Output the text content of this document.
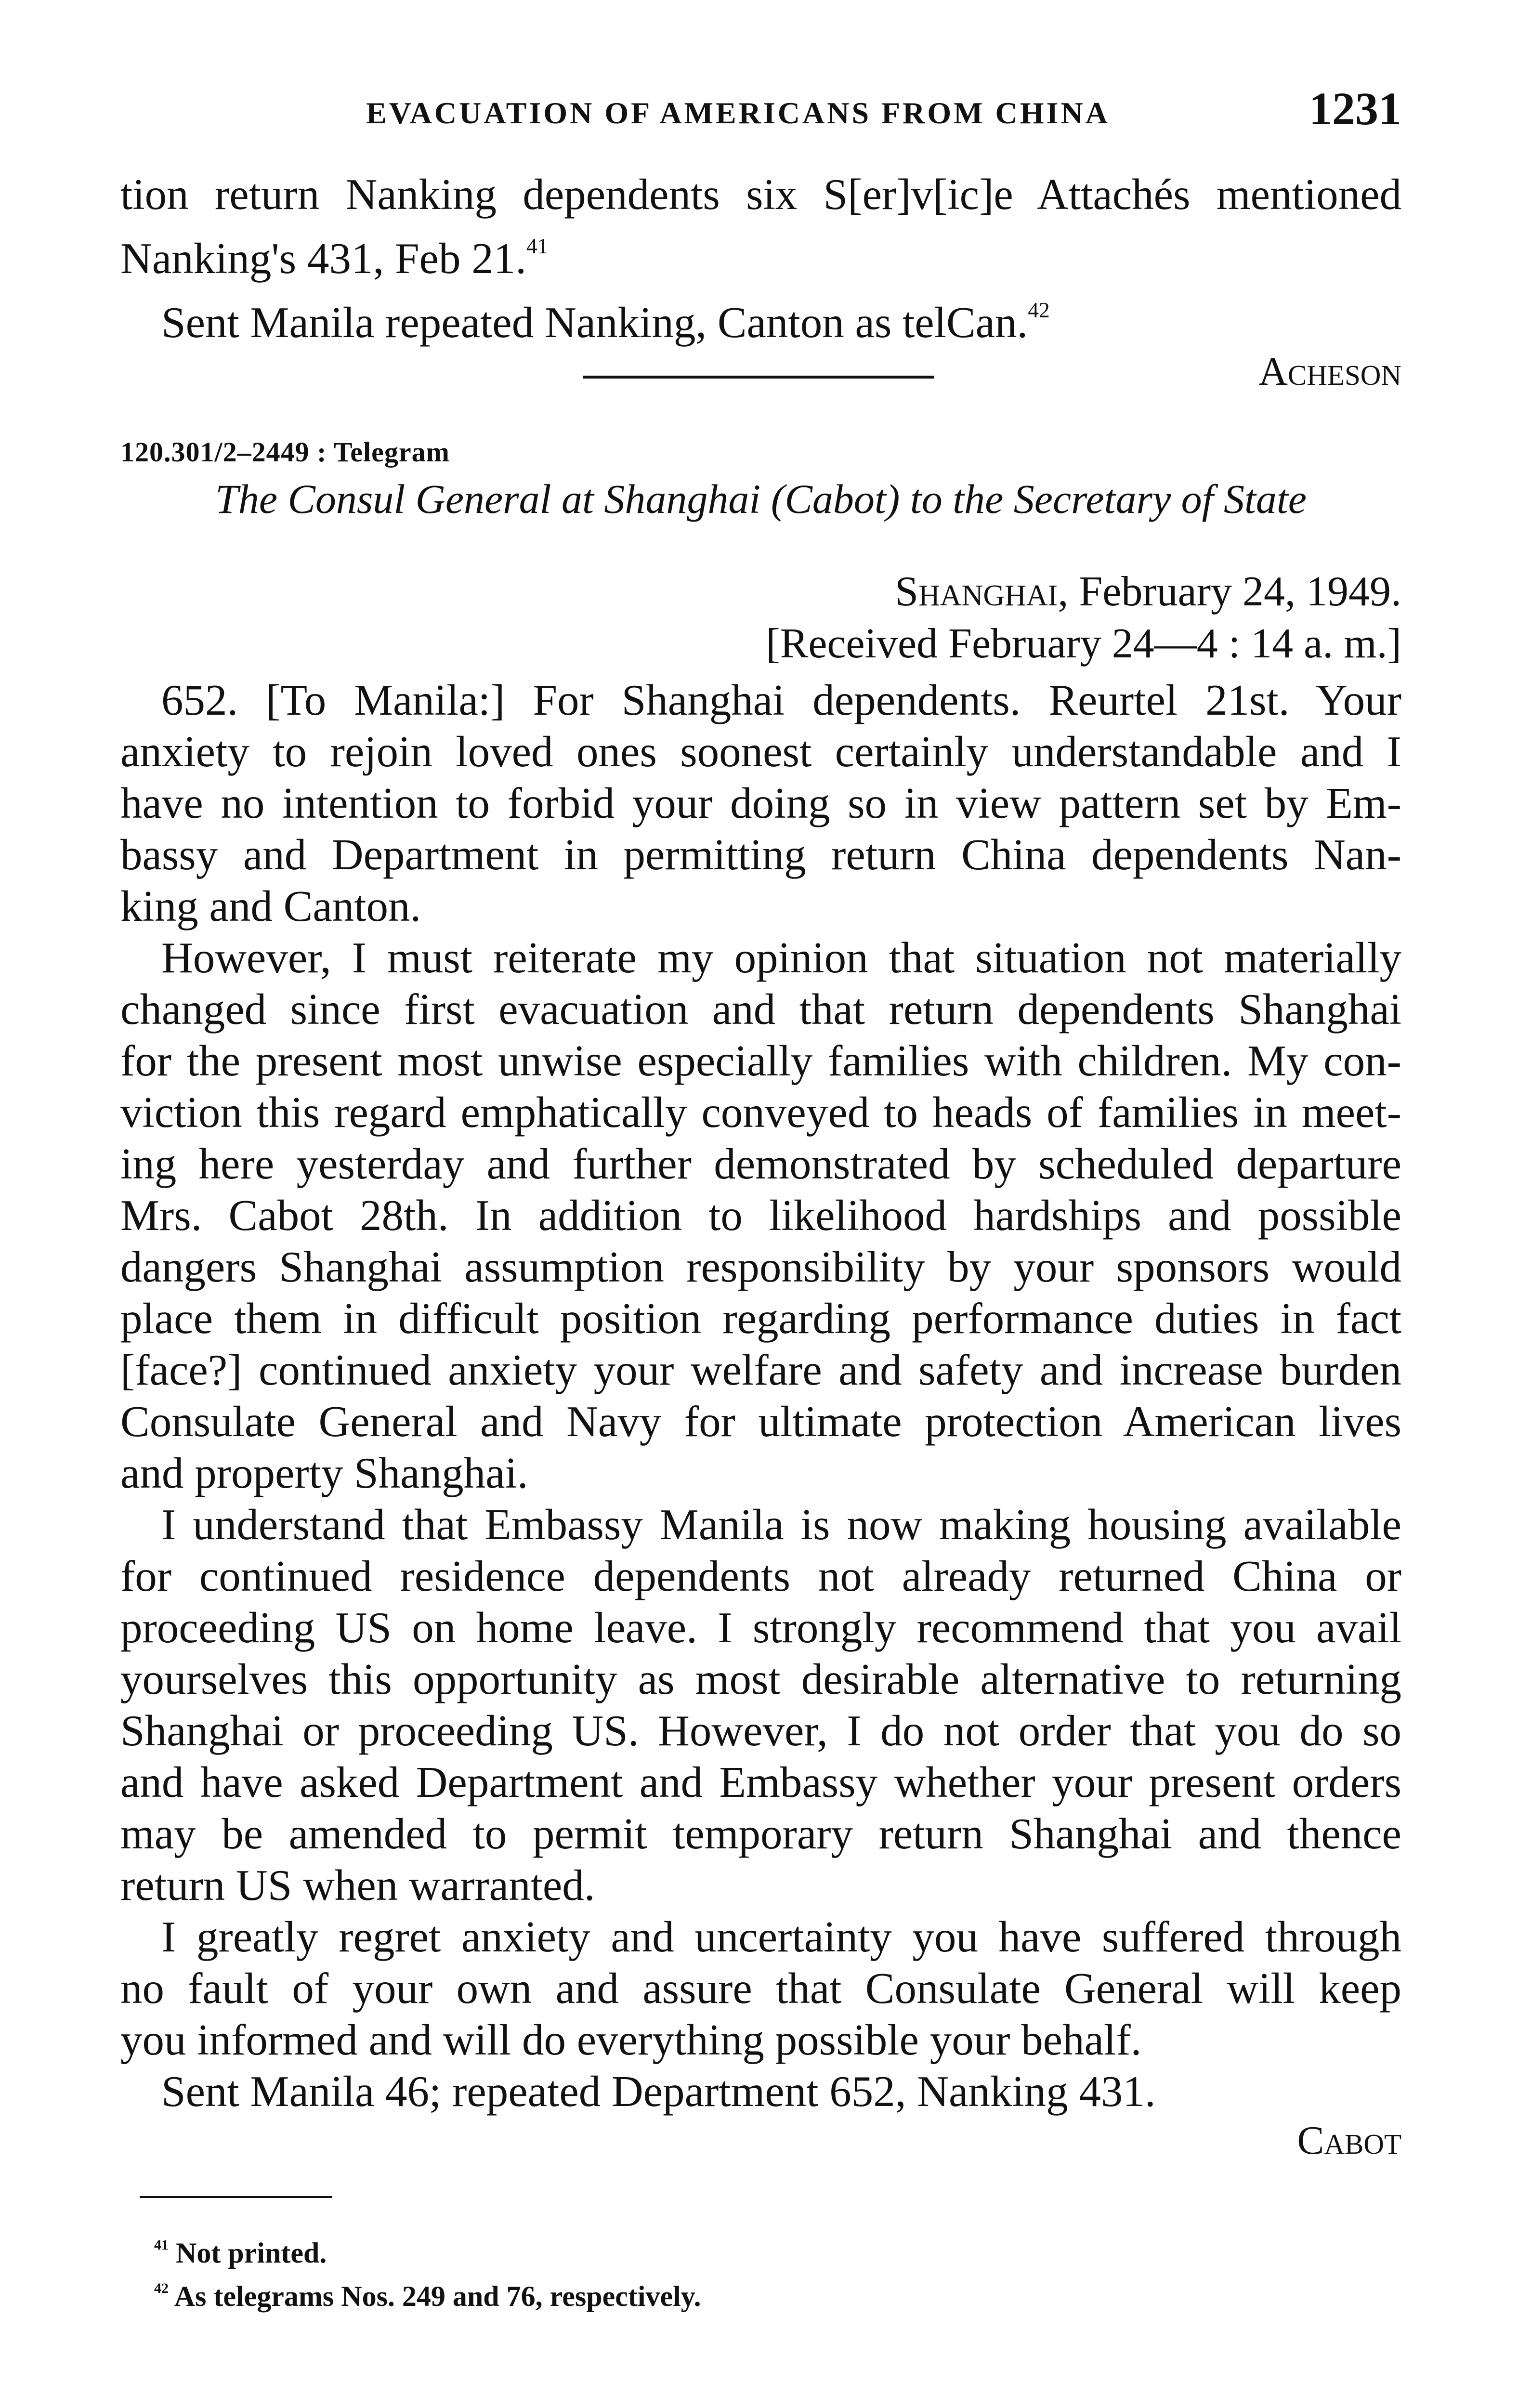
EVACUATION OF AMERICANS FROM CHINA	1231
tion return Nanking dependents six S[er]v[ic]e Attachés mentioned
Nanking's 431, Feb 21.41
Sent Manila repeated Nanking, Canton as telCan.$^{42}$
Acheson
120.301/2–2449 : Telegram
The Consul General at Shanghai (Cabot) to the Secretary of State
Shanghai, February 24, 1949.
[Received February 24—4 : 14 a. m.]
652. [To Manila:] For Shanghai dependents. Reurtel 21st. Your
anxiety to rejoin loved ones soonest certainly understandable and I
have no intention to forbid your doing so in view pattern set by Em-
bassy and Department in permitting return China dependents Nan-
king and Canton.
However, I must reiterate my opinion that situation not materially
changed since first evacuation and that return dependents Shanghai
for the present most unwise especially families with children. My con-
viction this regard emphatically conveyed to heads of families in meet-
ing here yesterday and further demonstrated by scheduled departure
Mrs. Cabot 28th. In addition to likelihood hardships and possible
dangers Shanghai assumption responsibility by your sponsors would
place them in difficult position regarding performance duties in fact
[face?] continued anxiety your welfare and safety and increase burden
Consulate General and Navy for ultimate protection American lives
and property Shanghai.
I understand that Embassy Manila is now making housing available
for continued residence dependents not already returned China or
proceeding US on home leave. I strongly recommend that you avail
yourselves this opportunity as most desirable alternative to returning
Shanghai or proceeding US. However, I do not order that you do so
and have asked Department and Embassy whether your present orders
may be amended to permit temporary return Shanghai and thence
return US when warranted.
I greatly regret anxiety and uncertainty you have suffered through
no fault of your own and assure that Consulate General will keep
you informed and will do everything possible your behalf.
Sent Manila 46; repeated Department 652, Nanking 431.
Cabot
$^{41}$ Not printed.
$^{42}$ As telegrams Nos. 249 and 76, respectively.
